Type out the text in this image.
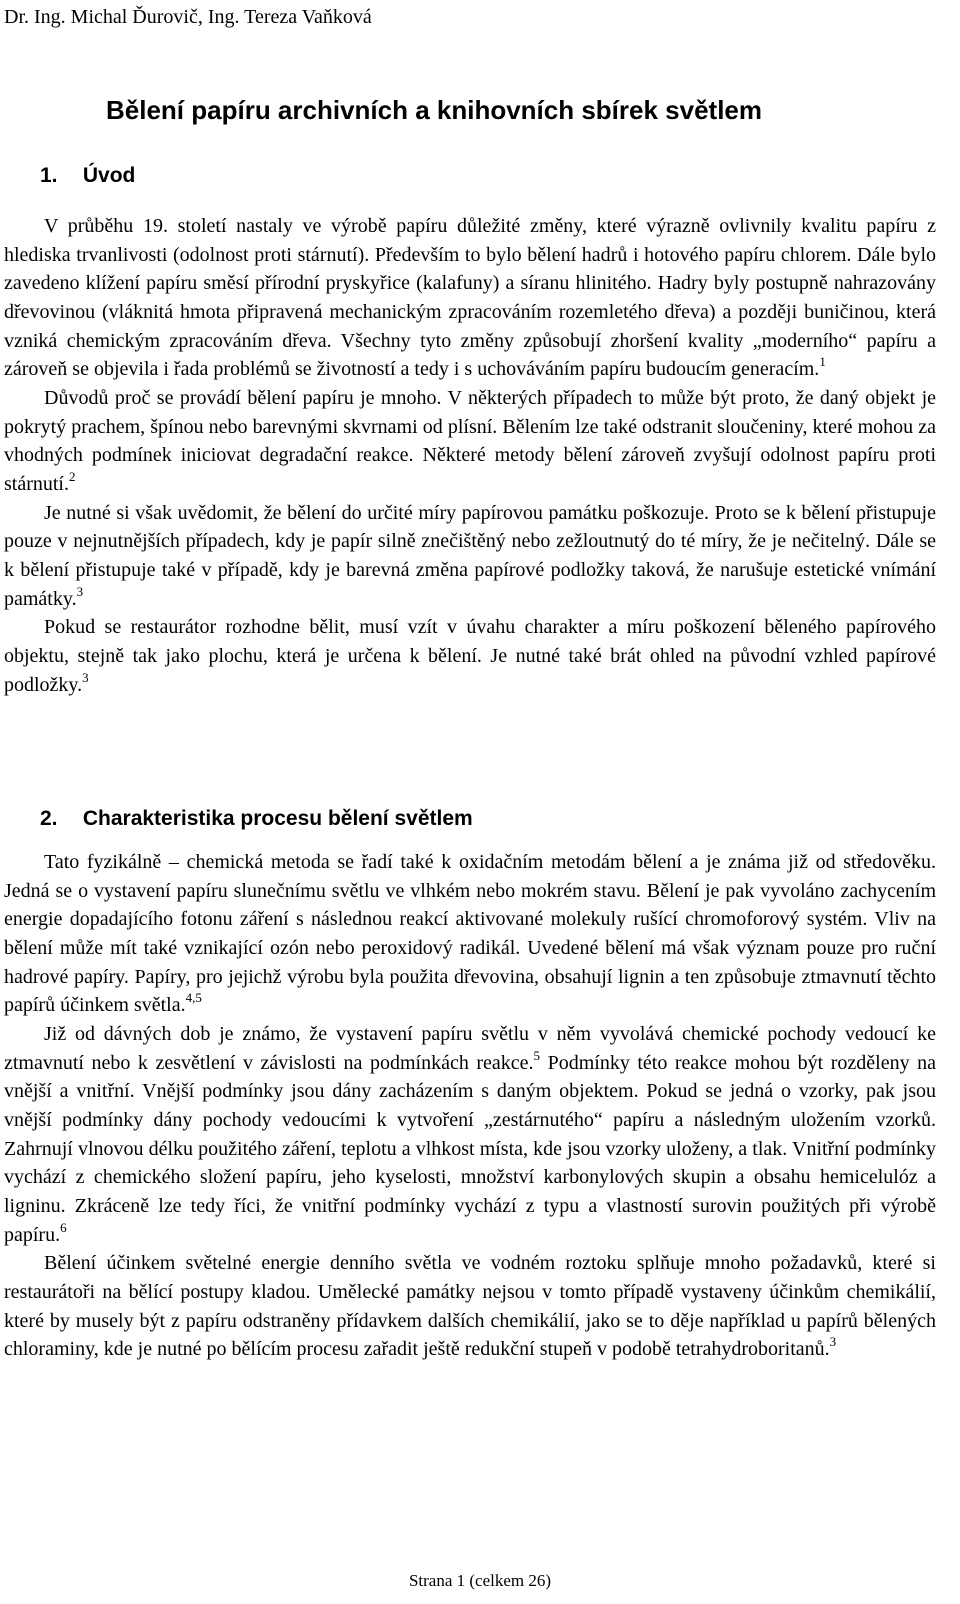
Dr. Ing. Michal Ďurovič, Ing. Tereza Vaňková
Bělení papíru archivních a knihovních sbírek světlem
1. Úvod

V průběhu 19. století nastaly ve výrobě papíru důležité změny, které výrazně ovlivnily kvalitu papíru z hlediska trvanlivosti (odolnost proti stárnutí). Především to bylo bělení hadrů i hotového papíru chlorem. Dále bylo zavedeno klížení papíru směsí přírodní pryskyřice (kalafuny) a síranu hlinitého. Hadry byly postupně nahrazovány dřevovinou (vláknitá hmota připravená mechanickým zpracováním rozemletého dřeva) a později buničinou, která vzniká chemickým zpracováním dřeva. Všechny tyto změny způsobují zhoršení kvality „moderního“ papíru a zároveň se objevila i řada problémů se životností a tedy i s uchováváním papíru budoucím generacím.$^1$

Důvodů proč se provádí bělení papíru je mnoho. V některých případech to může být proto, že daný objekt je pokrytý prachem, špínou nebo barevnými skvrnami od plísní. Bělením lze také odstranit sloučeniny, které mohou za vhodných podmínek iniciovat degradační reakce. Některé metody bělení zároveň zvyšují odolnost papíru proti stárnutí.$^2$

Je nutné si však uvědomit, že bělení do určité míry papírovou památku poškozuje. Proto se k bělení přistupuje pouze v nejnutnějších případech, kdy je papír silně znečištěný nebo zežloutnutý do té míry, že je nečitelný. Dále se k bělení přistupuje také v případě, kdy je barevná změna papírové podložky taková, že narušuje estetické vnímání památky.$^3$

Pokud se restaurátor rozhodne bělit, musí vzít v úvahu charakter a míru poškození běleného papírového objektu, stejně tak jako plochu, která je určena k bělení. Je nutné také brát ohled na původní vzhled papírové podložky.$^3$

2. Charakteristika procesu bělení světlem

Tato fyzikálně – chemická metoda se řadí také k oxidačním metodám bělení a je známa již od středověku. Jedná se o vystavení papíru slunečnímu světlu ve vlhkém nebo mokrém stavu. Bělení je pak vyvoláno zachycením energie dopadajícího fotonu záření s následnou reakcí aktivované molekuly rušící chromoforový systém. Vliv na bělení může mít také vznikající ozón nebo peroxidový radikál. Uvedené bělení má však význam pouze pro ruční hadrové papíry. Papíry, pro jejichž výrobu byla použita dřevovina, obsahují lignin a ten způsobuje ztmavnutí těchto papírů účinkem světla.$^{4,5}$

Již od dávných dob je známo, že vystavení papíru světlu v něm vyvolává chemické pochody vedoucí ke ztmavnutí nebo k zesvětlení v závislosti na podmínkách reakce.$^5$ Podmínky této reakce mohou být rozděleny na vnější a vnitřní. Vnější podmínky jsou dány zacházením s daným objektem. Pokud se jedná o vzorky, pak jsou vnější podmínky dány pochody vedoucími k vytvoření „zestárnutého“ papíru a následným uložením vzorků. Zahrnují vlnovou délku použitého záření, teplotu a vlhkost místa, kde jsou vzorky uloženy, a tlak. Vnitřní podmínky vychází z chemického složení papíru, jeho kyselosti, množství karbonylových skupin a obsahu hemicelulóz a ligninu. Zkráceně lze tedy říci, že vnitřní podmínky vychází z typu a vlastností surovin použitých při výrobě papíru.$^6$

Bělení účinkem světelné energie denního světla ve vodném roztoku splňuje mnoho požadavků, které si restaurátoři na bělící postupy kladou. Umělecké památky nejsou v tomto případě vystaveny účinkům chemikálií, které by musely být z papíru odstraněny přídavkem dalších chemikálií, jako se to děje například u papírů bělených chloraminy, kde je nutné po bělícím procesu zařadit ještě redukční stupeň v podobě tetrahydroboritanů.$^3$

Strana 1 (celkem 26)
